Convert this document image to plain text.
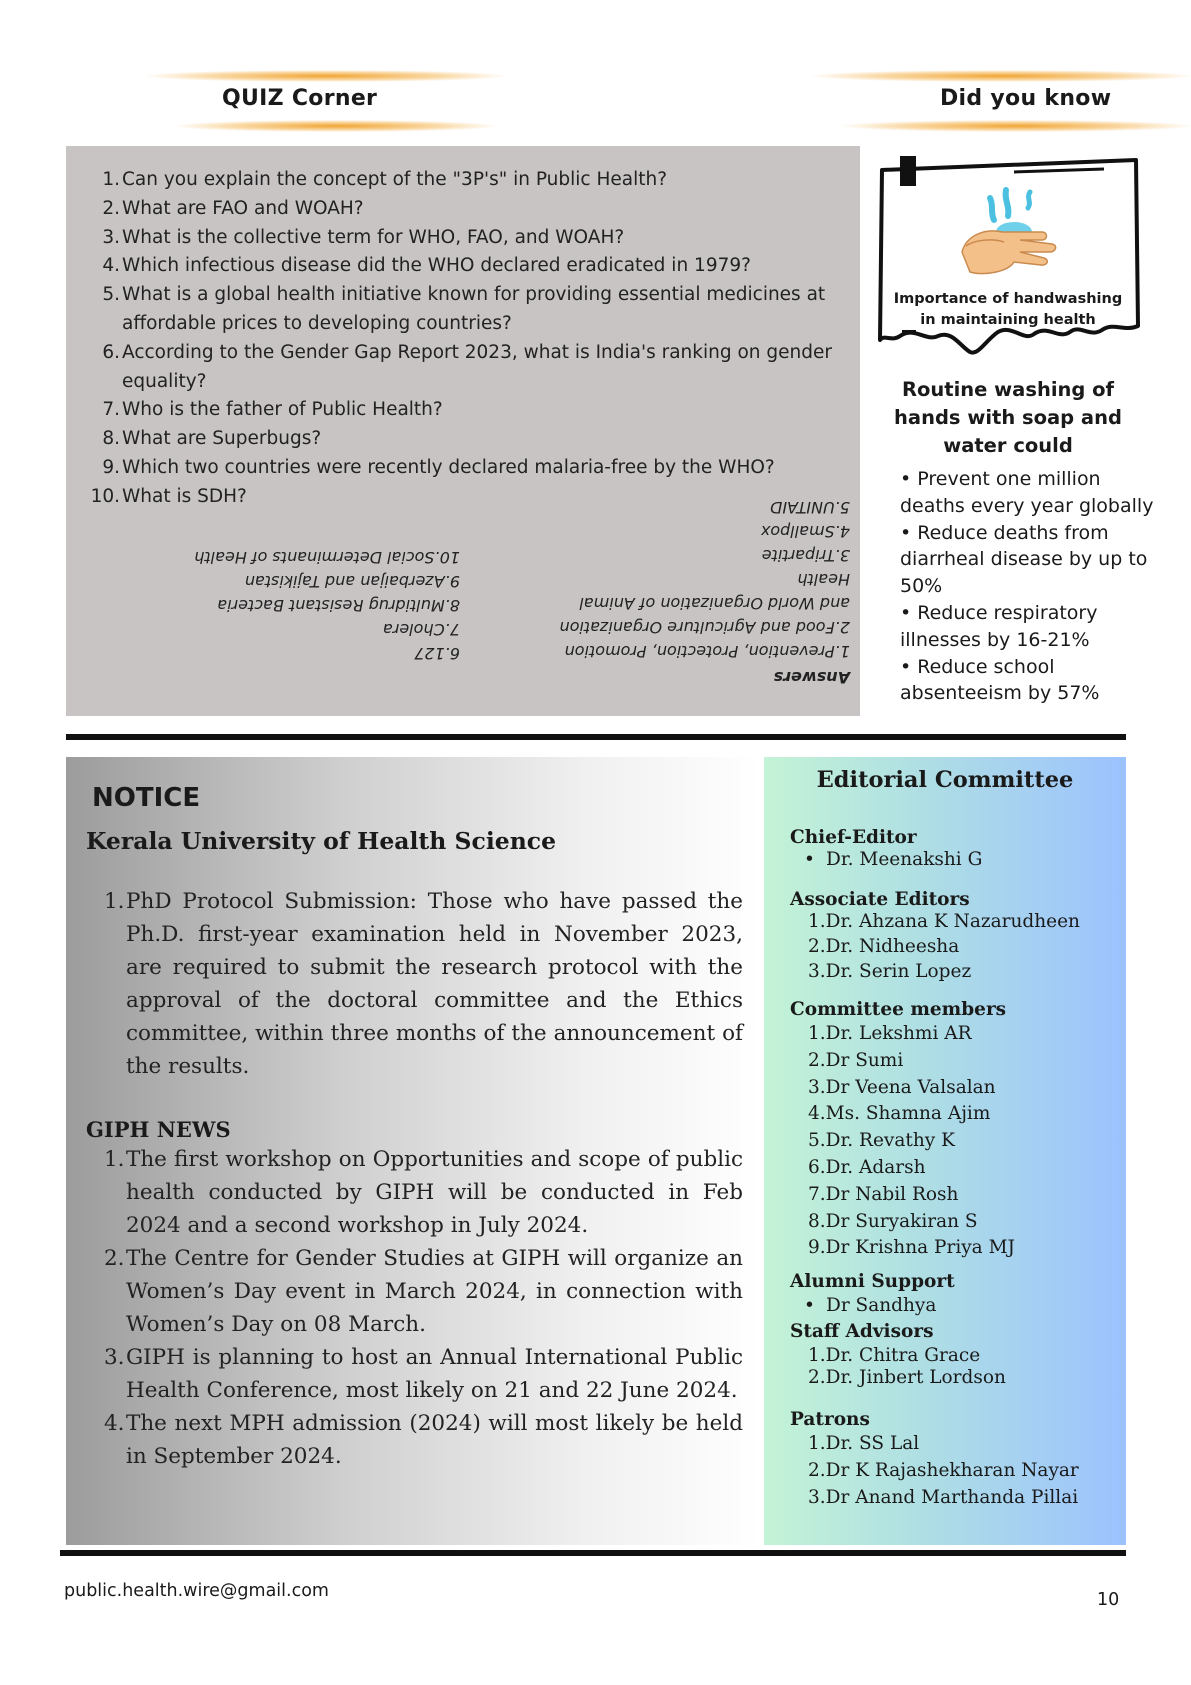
QUIZ Corner	Did you know
1. Can you explain the concept of the "3P's" in Public Health?
2. What are FAO and WOAH?
3. What is the collective term for WHO, FAO, and WOAH?
4. Which infectious disease did the WHO declared eradicated in 1979?
5. What is a global health initiative known for providing essential medicines at affordable prices to developing countries?
6. According to the Gender Gap Report 2023, what is India's ranking on gender equality?
7. Who is the father of Public Health?
8. What are Superbugs?
9. Which two countries were recently declared malaria-free by the WHO?
10. What is SDH?

Answers

1.Prevention, Protection, Promotion

2.Food and Agriculture Organization

and World Organization of Animal

Health

3.Tripartite

4.Smallpox

5.UNITAID

6.127

7.Cholera

8.Multidrug Resistant Bacteria

9.Azerbaijan and Tajikistan

10.Social Determinants of Health

Importance of handwashing in maintaining health
Routine washing of hands with soap and water could
• Prevent one million deaths every year globally
• Reduce deaths from diarrheal disease by up to 50%
• Reduce respiratory illnesses by 16-21%
• Reduce school absenteeism by 57%
NOTICE
Kerala University of Health Science
1. PhD Protocol Submission: Those who have passed the Ph.D. first-year examination held in November 2023, are required to submit the research protocol with the approval of the doctoral committee and the Ethics committee, within three months of the announcement of the results.
GIPH NEWS
1. The first workshop on Opportunities and scope of public health conducted by GIPH will be conducted in Feb 2024 and a second workshop in July 2024.
2. The Centre for Gender Studies at GIPH will organize an Women’s Day event in March 2024, in connection with Women’s Day on 08 March.
3. GIPH is planning to host an Annual International Public Health Conference, most likely on 21 and 22 June 2024.
4. The next MPH admission (2024) will most likely be held in September 2024.
Editorial Committee
Chief-Editor
• Dr. Meenakshi G
Associate Editors
1.Dr. Ahzana K Nazarudheen
2.Dr. Nidheesha
3.Dr. Serin Lopez
Committee members
1.Dr. Lekshmi AR
2.Dr Sumi
3.Dr Veena Valsalan
4.Ms. Shamna Ajim
5.Dr. Revathy K
6.Dr. Adarsh
7.Dr Nabil Rosh
8.Dr Suryakiran S
9.Dr Krishna Priya MJ
Alumni Support
• Dr Sandhya
Staff Advisors
1.Dr. Chitra Grace
2.Dr. Jinbert Lordson
Patrons
1.Dr. SS Lal
2.Dr K Rajashekharan Nayar
3.Dr Anand Marthanda Pillai
public.health.wire@gmail.com	10
